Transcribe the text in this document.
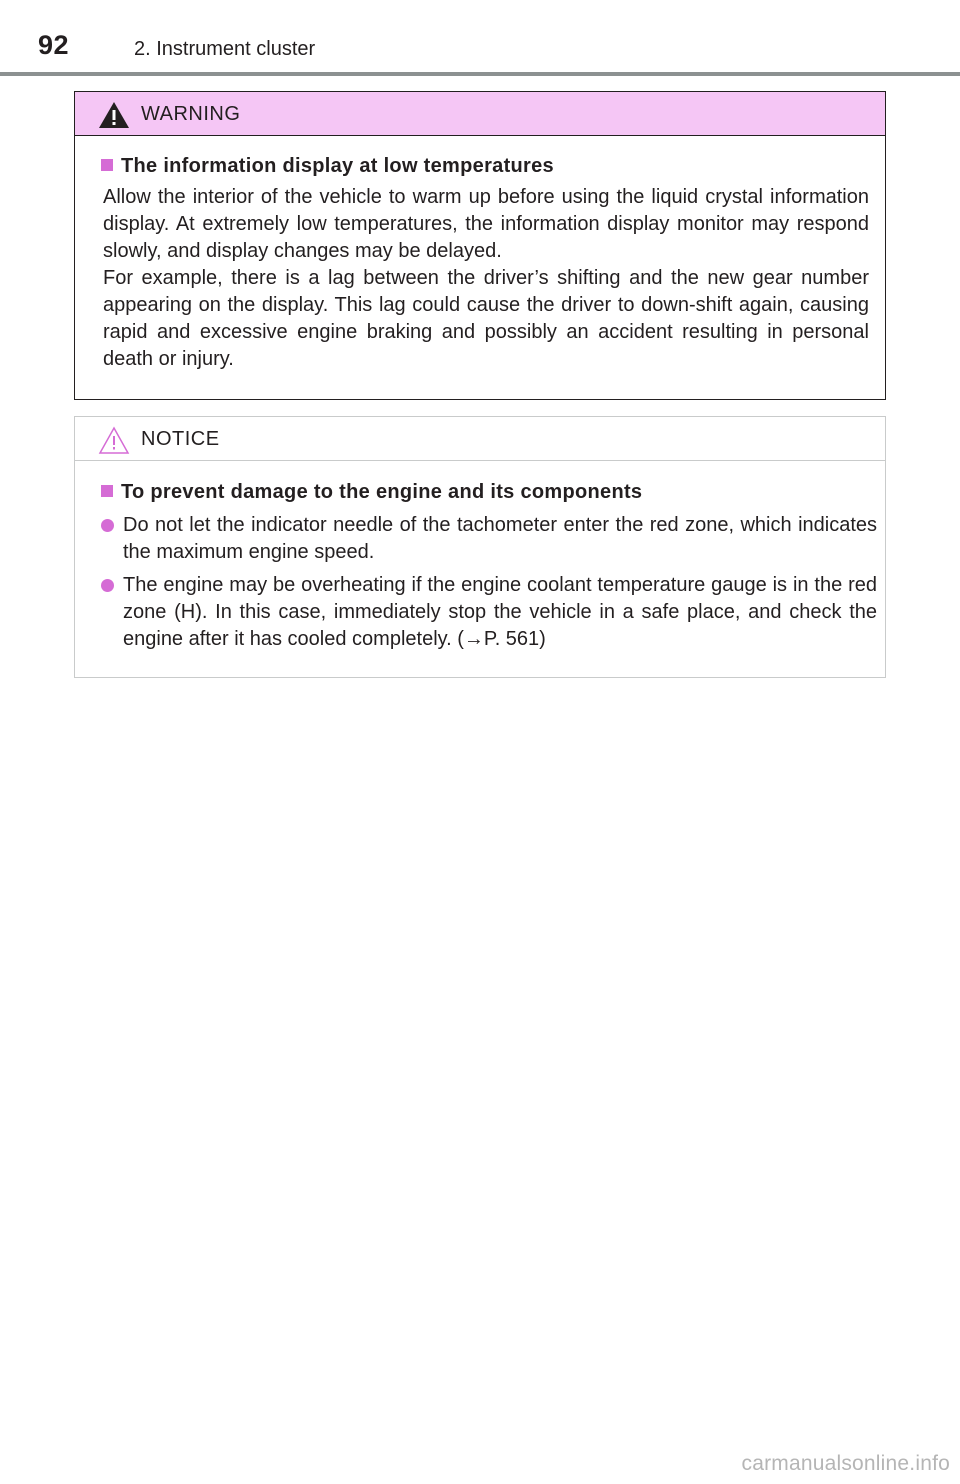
92	2. Instrument cluster
WARNING
The information display at low temperatures

Allow the interior of the vehicle to warm up before using the liquid crystal information display. At extremely low temperatures, the information display monitor may respond slowly, and display changes may be delayed.

For example, there is a lag between the driver’s shifting and the new gear number appearing on the display. This lag could cause the driver to down-shift again, causing rapid and excessive engine braking and possibly an accident resulting in personal death or injury.

NOTICE
To prevent damage to the engine and its components
Do not let the indicator needle of the tachometer enter the red zone, which indicates the maximum engine speed.
The engine may be overheating if the engine coolant temperature gauge is in the red zone (H). In this case, immediately stop the vehicle in a safe place, and check the engine after it has cooled completely. (→P. 561)
carmanualsonline.info
